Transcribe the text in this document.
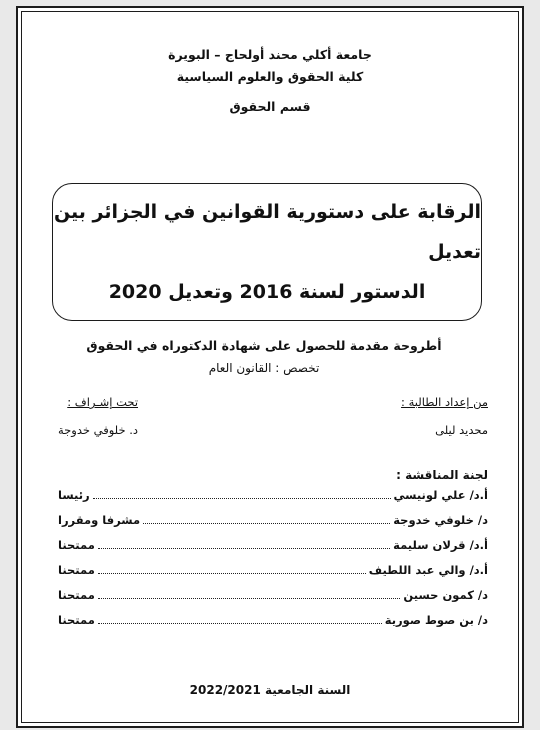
جامعة أكلي محند أولحاج – البويرة
كلية الحقوق والعلوم السياسية
قسم الحقوق
الرقابة على دستورية القوانين في الجزائر بين تعديل
الدستور لسنة 2016 وتعديل 2020
أطروحة مقدمة للحصول على شهادة الدكتوراه في الحقوق
تخصص : القانون العام
من إعداد الطالبة :
محديد ليلى
تحت إشـراف :
د. خلوفي خدوجة
لجنة المناقشة :
أ.د/ علي لونيسي
رئيسا
د/ خلوفي خدوجة
مشرفا ومقررا
أ.د/ قرلان سليمة
ممتحنا
أ.د/ والي عبد اللطيف
ممتحنا
د/ كمون حسين
ممتحنا
د/ بن صوط صورية
ممتحنا
السنة الجامعية 2022/2021
